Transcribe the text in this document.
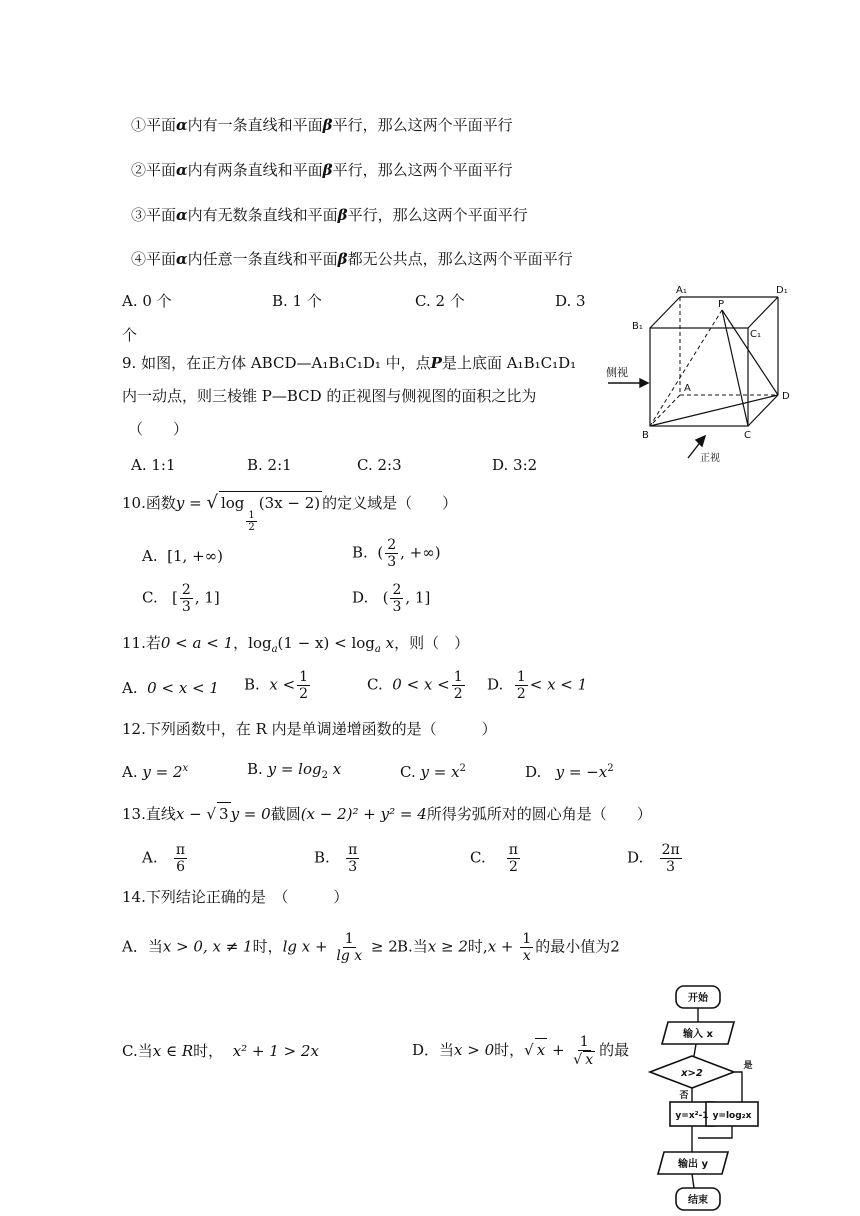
①平面α内有一条直线和平面β平行，那么这两个平面平行
②平面α内有两条直线和平面β平行，那么这两个平面平行
③平面α内有无数条直线和平面β平行，那么这两个平面平行
④平面α内任意一条直线和平面β都无公共点，那么这两个平面平行
A. 0 个	B. 1 个	C. 2 个	D. 3
个
9. 如图，在正方体 ABCD—A₁B₁C₁D₁ 中，点P是上底面 A₁B₁C₁D₁
内一动点，则三棱锥 P—BCD 的正视图与侧视图的面积之比为
（　　）
A. 1:1	B. 2:1	C. 2:3	D. 3:2
A₁	D₁
B₁
C₁
P
A
D
B	C
侧视
正视
10.函数y = √ log
$\frac{1}{2}$
(3x − 2) 的定义域是（　　）
A. [1, +∞)	B. ( $\frac{2}{3}$ , +∞)
C. [ $\frac{2}{3}$ , 1]	D. ( $\frac{2}{3}$ , 1]
11.若0 < a < 1，$\log_a(1 - x) < \log_a x$，则（　）
A. 0 < x < 1 B. $x < \frac{1}{2}$	C. $0 < x < \frac{1}{2} D$. $\frac{1}{2} < x < 1$
12.下列函数中，在 R 内是单调递增函数的是（　　　）
A. $y = 2^x$	B. $y = \log_2 x$	C. $y = x^2$	D. $y = -x^2$
13.直线x − √ 3 y = 0截圆(x − 2)² + y² = 4所得劣弧所对的圆心角是（　　）
A. $\frac{\pi}{6}$	B. $\frac{\pi}{3}$	C. $\frac{\pi}{2}$	D. $\frac{2\pi}{3}$
14.下列结论正确的是　（　　　）
A．当x > 0, x ≠ 1时，$\lg x + \frac{1}{\text{lg x}} \ge 2$ B.当x ≥ 2时$,x + \frac{1}{x}$ 的最小值为2
C.当x ∈ R时， x² + 1 > 2x	D．当x > 0时，√ $x + \frac{1}{√ x}$ 的最
开始
输入 x
x>2
否
是
y=x²-1 y=log₂x
输出 y
结束
